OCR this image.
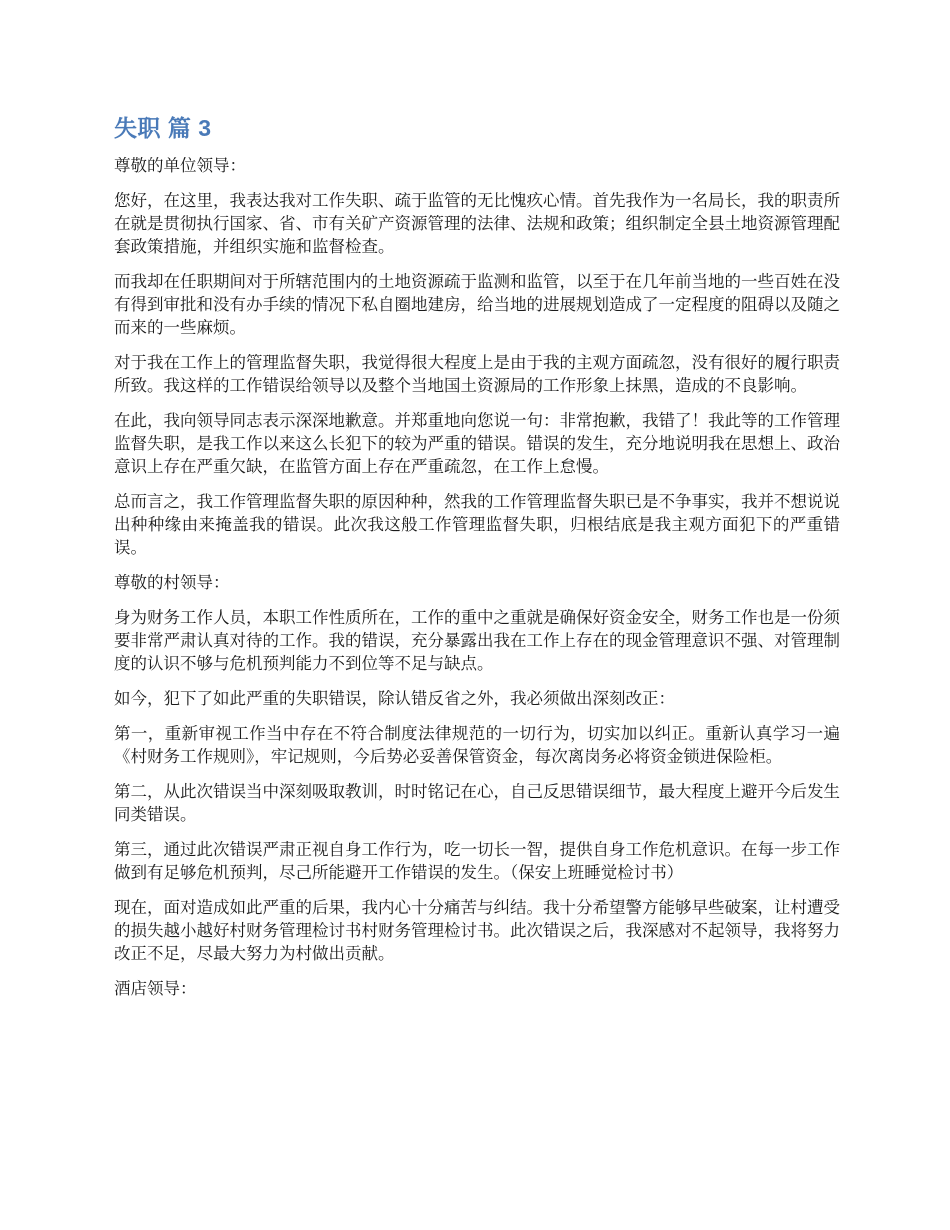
失职 篇 3

尊敬的单位领导：

您好，在这里，我表达我对工作失职、疏于监管的无比愧疚心情。首先我作为一名局长，我的职责所在就是贯彻执行国家、省、市有关矿产资源管理的法律、法规和政策；组织制定全县土地资源管理配套政策措施，并组织实施和监督检查。

而我却在任职期间对于所辖范围内的土地资源疏于监测和监管，以至于在几年前当地的一些百姓在没有得到审批和没有办手续的情况下私自圈地建房，给当地的进展规划造成了一定程度的阻碍以及随之而来的一些麻烦。

对于我在工作上的管理监督失职，我觉得很大程度上是由于我的主观方面疏忽，没有很好的履行职责所致。我这样的工作错误给领导以及整个当地国土资源局的工作形象上抹黑，造成的不良影响。

在此，我向领导同志表示深深地歉意。并郑重地向您说一句：非常抱歉，我错了！我此等的工作管理监督失职，是我工作以来这么长犯下的较为严重的错误。错误的发生，充分地说明我在思想上、政治意识上存在严重欠缺，在监管方面上存在严重疏忽，在工作上怠慢。

总而言之，我工作管理监督失职的原因种种，然我的工作管理监督失职已是不争事实，我并不想说说出种种缘由来掩盖我的错误。此次我这般工作管理监督失职，归根结底是我主观方面犯下的严重错误。

尊敬的村领导：

身为财务工作人员，本职工作性质所在，工作的重中之重就是确保好资金安全，财务工作也是一份须要非常严肃认真对待的工作。我的错误，充分暴露出我在工作上存在的现金管理意识不强、对管理制度的认识不够与危机预判能力不到位等不足与缺点。

如今，犯下了如此严重的失职错误，除认错反省之外，我必须做出深刻改正：

第一，重新审视工作当中存在不符合制度法律规范的一切行为，切实加以纠正。重新认真学习一遍《村财务工作规则》，牢记规则，今后势必妥善保管资金，每次离岗务必将资金锁进保险柜。

第二，从此次错误当中深刻吸取教训，时时铭记在心，自己反思错误细节，最大程度上避开今后发生同类错误。

第三，通过此次错误严肃正视自身工作行为，吃一切长一智，提供自身工作危机意识。在每一步工作做到有足够危机预判，尽己所能避开工作错误的发生。（保安上班睡觉检讨书）

现在，面对造成如此严重的后果，我内心十分痛苦与纠结。我十分希望警方能够早些破案，让村遭受的损失越小越好村财务管理检讨书村财务管理检讨书。此次错误之后，我深感对不起领导，我将努力改正不足，尽最大努力为村做出贡献。

酒店领导：
